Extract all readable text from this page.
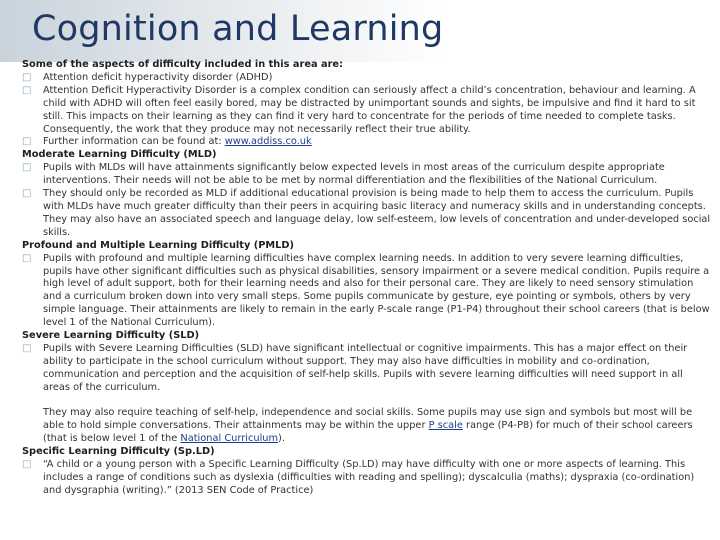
Cognition and Learning
Some of the aspects of difficulty included in this area are:
□
Attention deficit hyperactivity disorder (ADHD)
□
Attention Deficit Hyperactivity Disorder is a complex condition can seriously affect a child’s concentration, behaviour and learning. A child with ADHD will often feel easily bored, may be distracted by unimportant sounds and sights, be impulsive and find it hard to sit still. This impacts on their learning as they can find it very hard to concentrate for the periods of time needed to complete tasks. Consequently, the work that they produce may not necessarily reflect their true ability.
□
Further information can be found at: www.addiss.co.uk
Moderate Learning Difficulty (MLD)
□
Pupils with MLDs will have attainments significantly below expected levels in most areas of the curriculum despite appropriate interventions. Their needs will not be able to be met by normal differentiation and the flexibilities of the National Curriculum.
□
They should only be recorded as MLD if additional educational provision is being made to help them to access the curriculum. Pupils with MLDs have much greater difficulty than their peers in acquiring basic literacy and numeracy skills and in understanding concepts. They may also have an associated speech and language delay, low self-esteem, low levels of concentration and under-developed social skills.
Profound and Multiple Learning Difficulty (PMLD)
□
Pupils with profound and multiple learning difficulties have complex learning needs. In addition to very severe learning difficulties, pupils have other significant difficulties such as physical disabilities, sensory impairment or a severe medical condition. Pupils require a high level of adult support, both for their learning needs and also for their personal care. They are likely to need sensory stimulation and a curriculum broken down into very small steps. Some pupils communicate by gesture, eye pointing or symbols, others by very simple language. Their attainments are likely to remain in the early P-scale range (P1-P4) throughout their school careers (that is below level 1 of the National Curriculum).
Severe Learning Difficulty (SLD)
□
Pupils with Severe Learning Difficulties (SLD) have significant intellectual or cognitive impairments. This has a major effect on their ability to participate in the school curriculum without support. They may also have difficulties in mobility and co-ordination, communication and perception and the acquisition of self-help skills. Pupils with severe learning difficulties will need support in all areas of the curriculum.
They may also require teaching of self-help, independence and social skills. Some pupils may use sign and symbols but most will be able to hold simple conversations. Their attainments may be within the upper P scale range (P4-P8) for much of their school careers (that is below level 1 of the National Curriculum).
Specific Learning Difficulty (Sp.LD)
□
“A child or a young person with a Specific Learning Difficulty (Sp.LD) may have difficulty with one or more aspects of learning. This includes a range of conditions such as dyslexia (difficulties with reading and spelling); dyscalculia (maths); dyspraxia (co-ordination) and dysgraphia (writing).” (2013 SEN Code of Practice)
